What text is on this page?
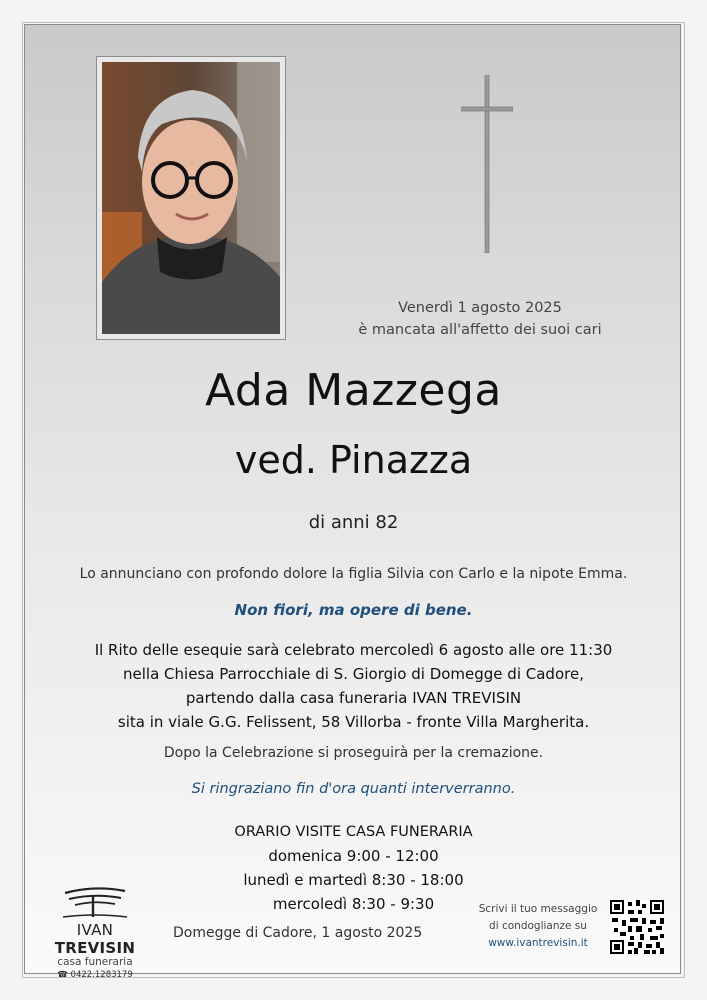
Venerdì 1 agosto 2025
è mancata all'affetto dei suoi cari
Ada Mazzega
ved. Pinazza
di anni 82
Lo annunciano con profondo dolore la figlia Silvia con Carlo e la nipote Emma.
Non fiori, ma opere di bene.
Il Rito delle esequie sarà celebrato mercoledì 6 agosto alle ore 11:30
nella Chiesa Parrocchiale di S. Giorgio di Domegge di Cadore,
partendo dalla casa funeraria IVAN TREVISIN
sita in viale G.G. Felissent, 58 Villorba - fronte Villa Margherita.
Dopo la Celebrazione si proseguirà per la cremazione.
Si ringraziano fin d'ora quanti interverranno.
ORARIO VISITE CASA FUNERARIA
domenica 9:00 - 12:00
lunedì e martedì 8:30 - 18:00
mercoledì 8:30 - 9:30
IVAN TREVISIN
casa funeraria
☎ 0422.1283179
Domegge di Cadore, 1 agosto 2025
Scrivi il tuo messaggio
di condoglianze su
www.ivantrevisin.it
